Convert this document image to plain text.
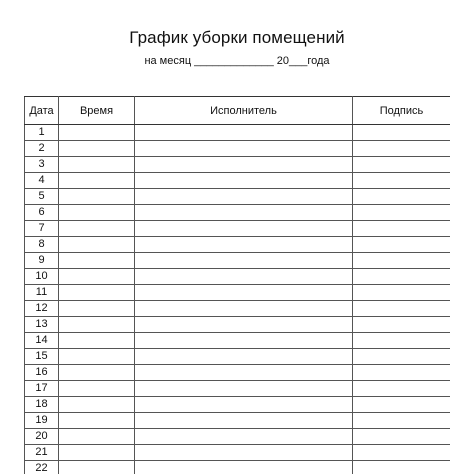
График уборки помещений
на месяц _____________ 20___года
Дата	Время	Исполнитель	Подпись
1			
2			
3			
4			
5			
6			
7			
8			
9			
10			
11			
12			
13			
14			
15			
16			
17			
18			
19			
20			
21			
22			
